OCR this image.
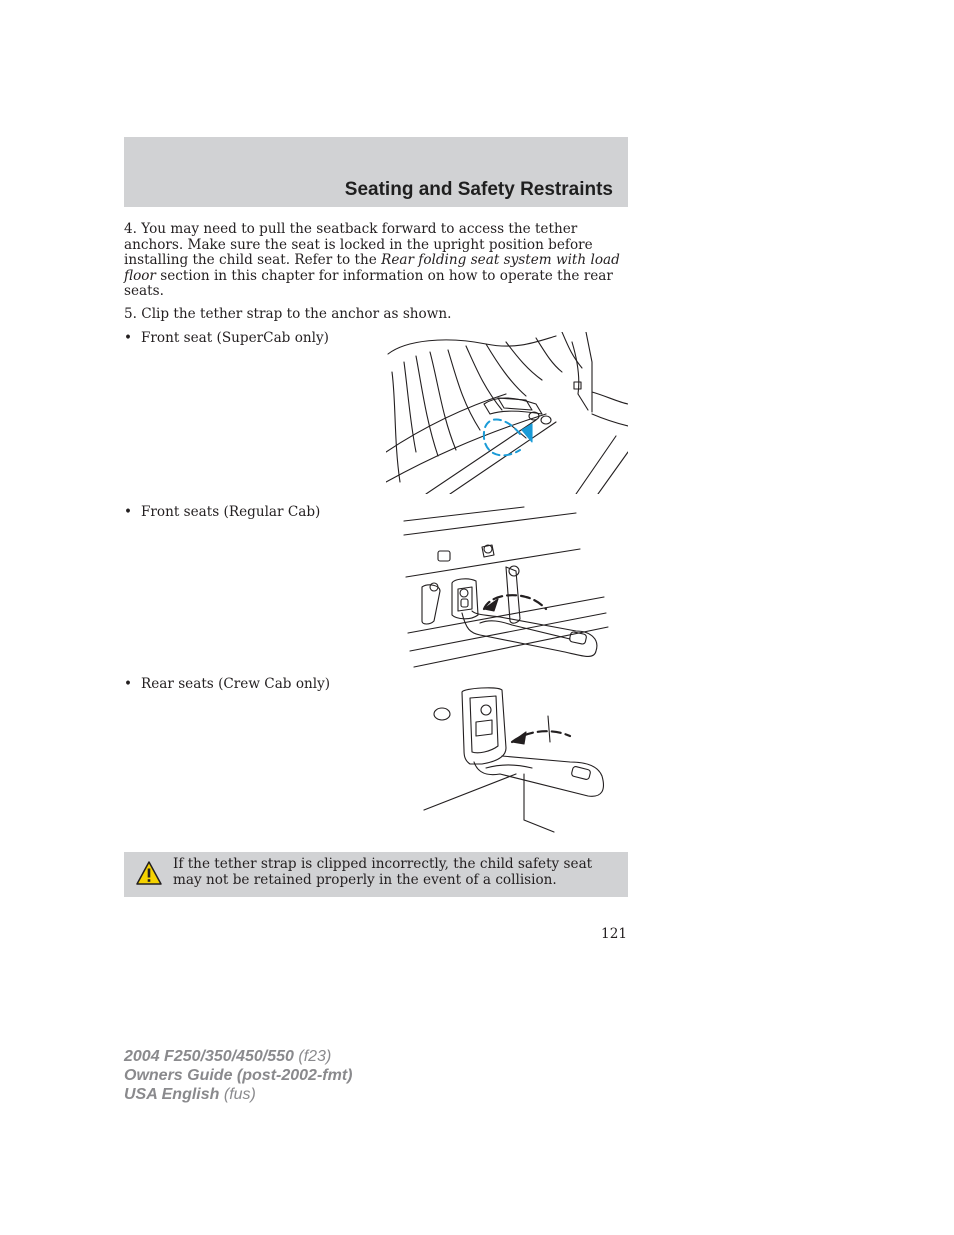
Seating and Safety Restraints

4. You may need to pull the seatback forward to access the tether anchors. Make sure the seat is locked in the upright position before installing the child seat. Refer to the Rear folding seat system with load floor section in this chapter for information on how to operate the rear seats.

5. Clip the tether strap to the anchor as shown.

• Front seat (SuperCab only)
• Front seats (Regular Cab)
• Rear seats (Crew Cab only)
If the tether strap is clipped incorrectly, the child safety seat may not be retained properly in the event of a collision.
121
2004 F250/350/450/550 (f23)
Owners Guide (post-2002-fmt)
USA English (fus)
